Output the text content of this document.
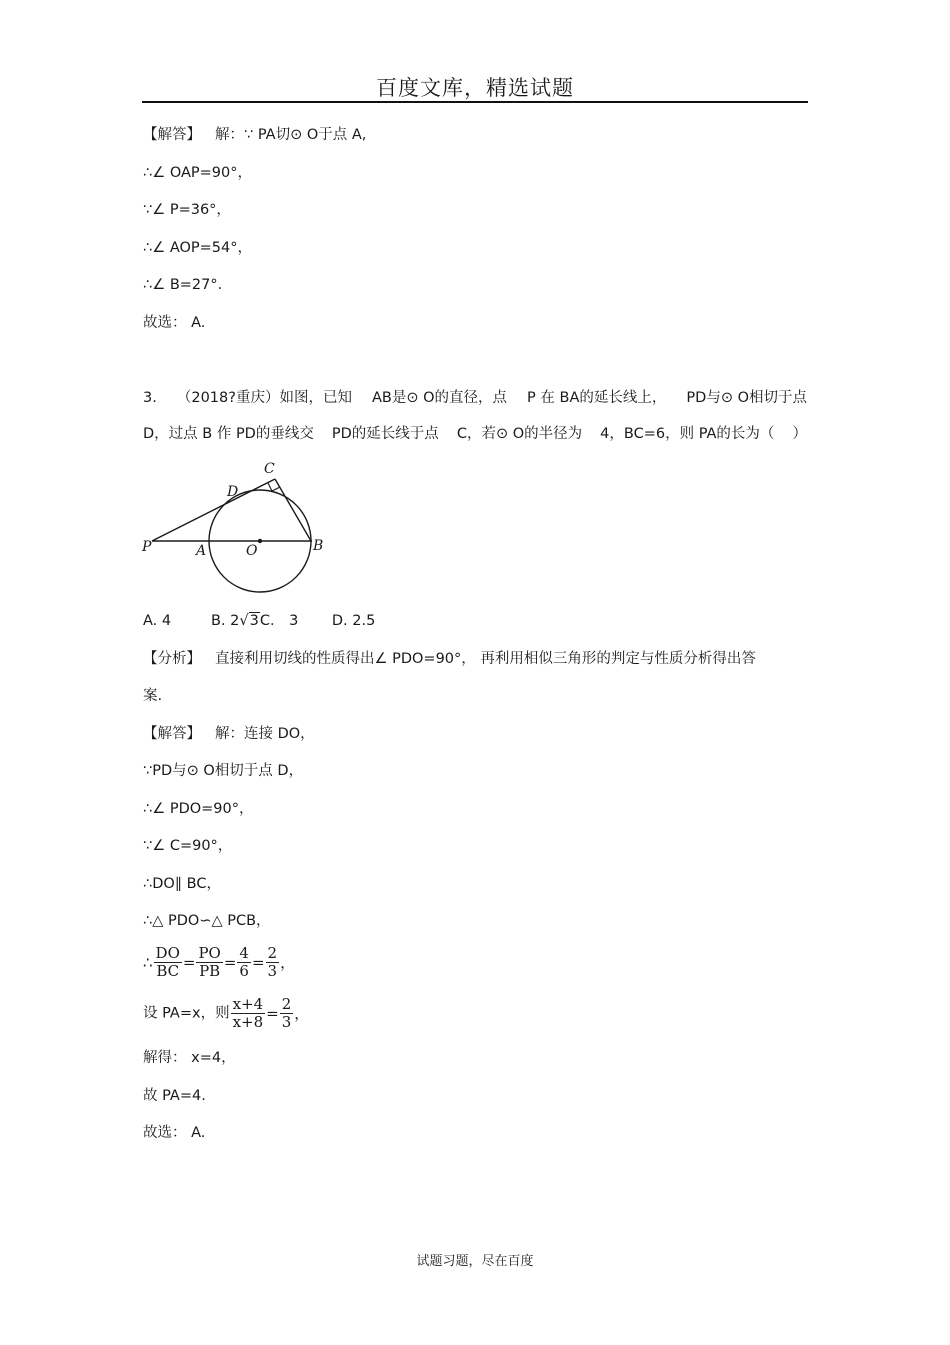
百度文库，精选试题
【解答】 解：∵ PA切⊙ O于点 A,
∴∠ OAP=90°，
∵∠ P=36°，
∴∠ AOP=54°，
∴∠ B=27°．
故选： A.
3. （2018?重庆）如图，已知 AB是⊙ O的直径，点 P 在 BA的延长线上， PD与⊙ O相切于点
D，过点 B 作 PD的垂线交 PD的延长线于点 C，若⊙ O的半径为 4，BC=6，则 PA的长为（ ）
P	A	O	B
C
D
A. 4	B. 2√3C． 3 D. 2.5
【分析】 直接利用切线的性质得出∠ PDO=90°， 再利用相似三角形的判定与性质分析得出答
案.
【解答】 解：连接 DO，
∵PD与⊙ O相切于点 D，
∴∠ PDO=90°，
∵∠ C=90°，
∴DO∥ BC，
∴△ PDO∽△ PCB，
∴ $\frac{DO}{BC} = \frac{PO}{PB} = \frac{4}{6} = \frac{2}{3}$ ，
设 PA=x，则 $\frac{x+4}{x+8} = \frac{2}{3}$ ，
解得： x=4，
故 PA=4.
故选： A.
试题习题，尽在百度
